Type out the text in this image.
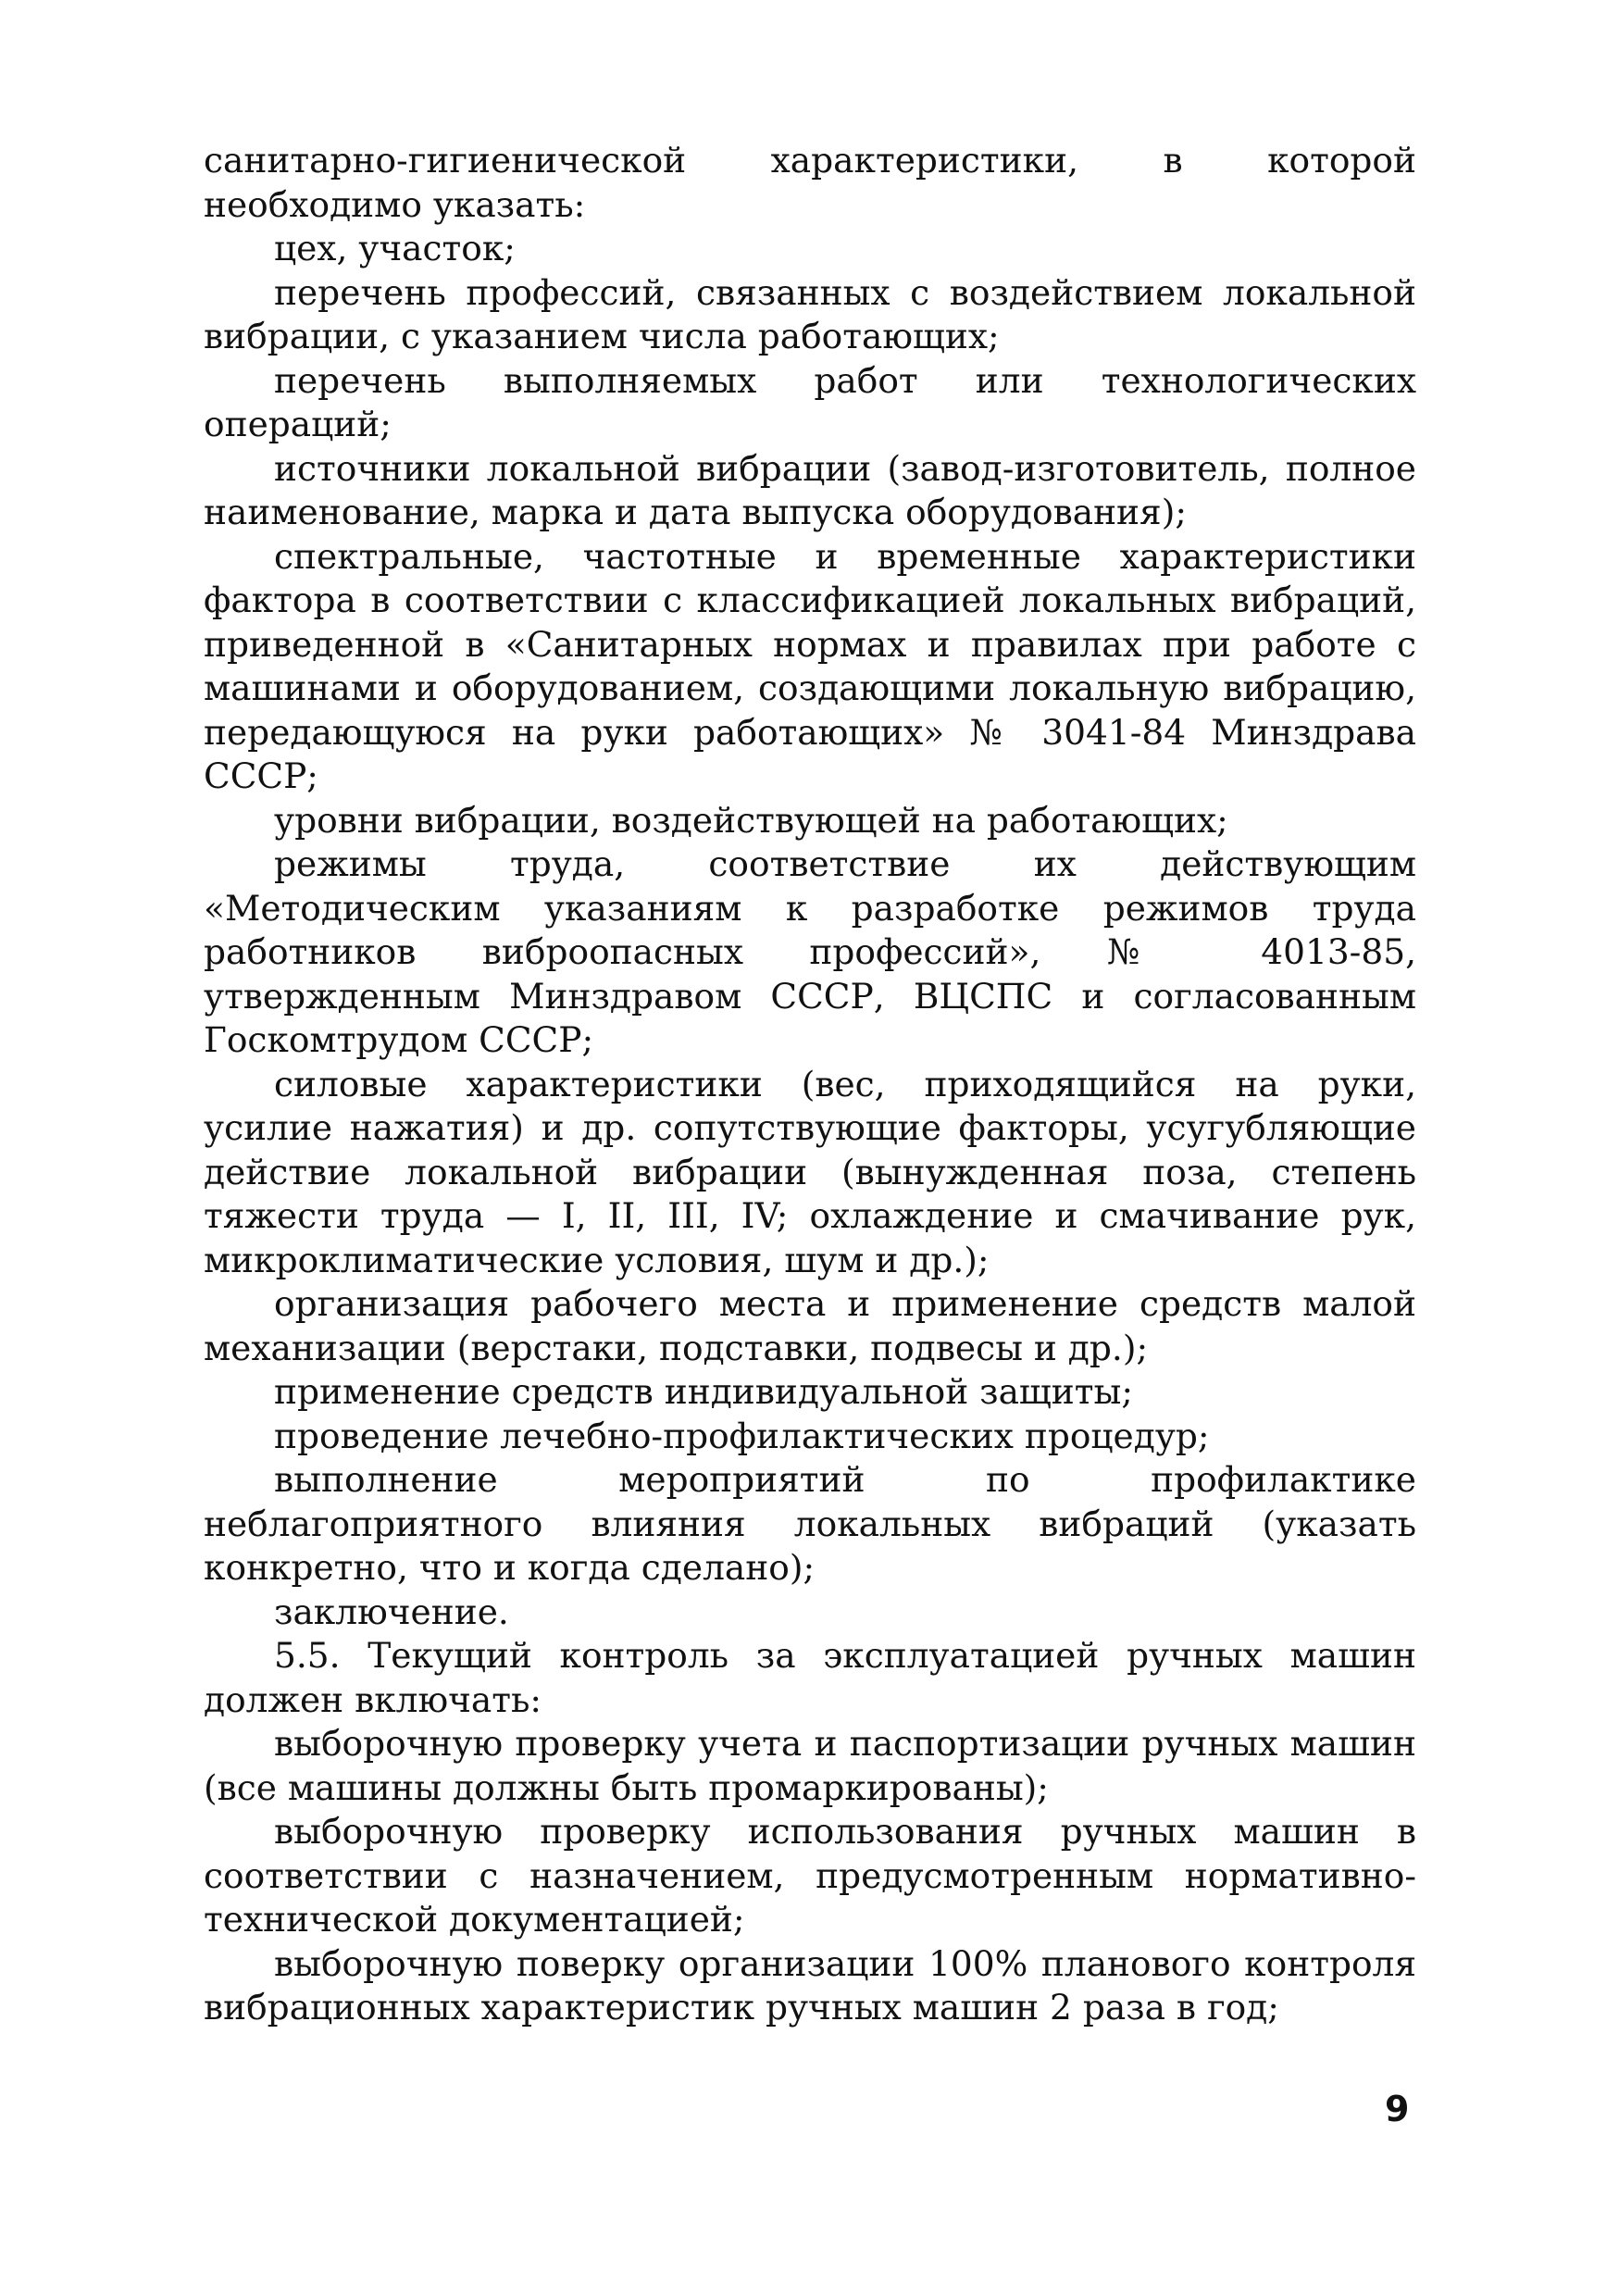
санитарно-гигиенической характеристики, в которой необходимо указать:

цех, участок;

перечень профессий, связанных с воздействием локальной вибрации, с указанием числа работающих;

перечень выполняемых работ или технологических операций;

источники локальной вибрации (завод-изготовитель, полное наименование, марка и дата выпуска оборудования);

спектральные, частотные и временные характеристики фактора в соответствии с классификацией локальных вибраций, приведенной в «Санитарных нормах и правилах при работе с машинами и оборудованием, создающими локальную вибрацию, передающуюся на руки работающих» № 3041-84 Минздрава СССР;

уровни вибрации, воздействующей на работающих;

режимы труда, соответствие их действующим «Методическим указаниям к разработке режимов труда работников виброопасных профессий», № 4013-85, утвержденным Минздравом СССР, ВЦСПС и согласованным Госкомтрудом СССР;

силовые характеристики (вес, приходящийся на руки, усилие нажатия) и др. сопутствующие факторы, усугубляющие действие локальной вибрации (вынужденная поза, степень тяжести труда — I, II, III, IV; охлаждение и смачивание рук, микроклиматические условия, шум и др.);

организация рабочего места и применение средств малой механизации (верстаки, подставки, подвесы и др.);

применение средств индивидуальной защиты;

проведение лечебно-профилактических процедур;

выполнение мероприятий по профилактике неблагоприятного влияния локальных вибраций (указать конкретно, что и когда сделано);

заключение.

5.5. Текущий контроль за эксплуатацией ручных машин должен включать:

выборочную проверку учета и паспортизации ручных машин (все машины должны быть промаркированы);

выборочную проверку использования ручных машин в соответствии с назначением, предусмотренным нормативно-технической документацией;

выборочную поверку организации 100% планового контроля вибрационных характеристик ручных машин 2 раза в год;

9
